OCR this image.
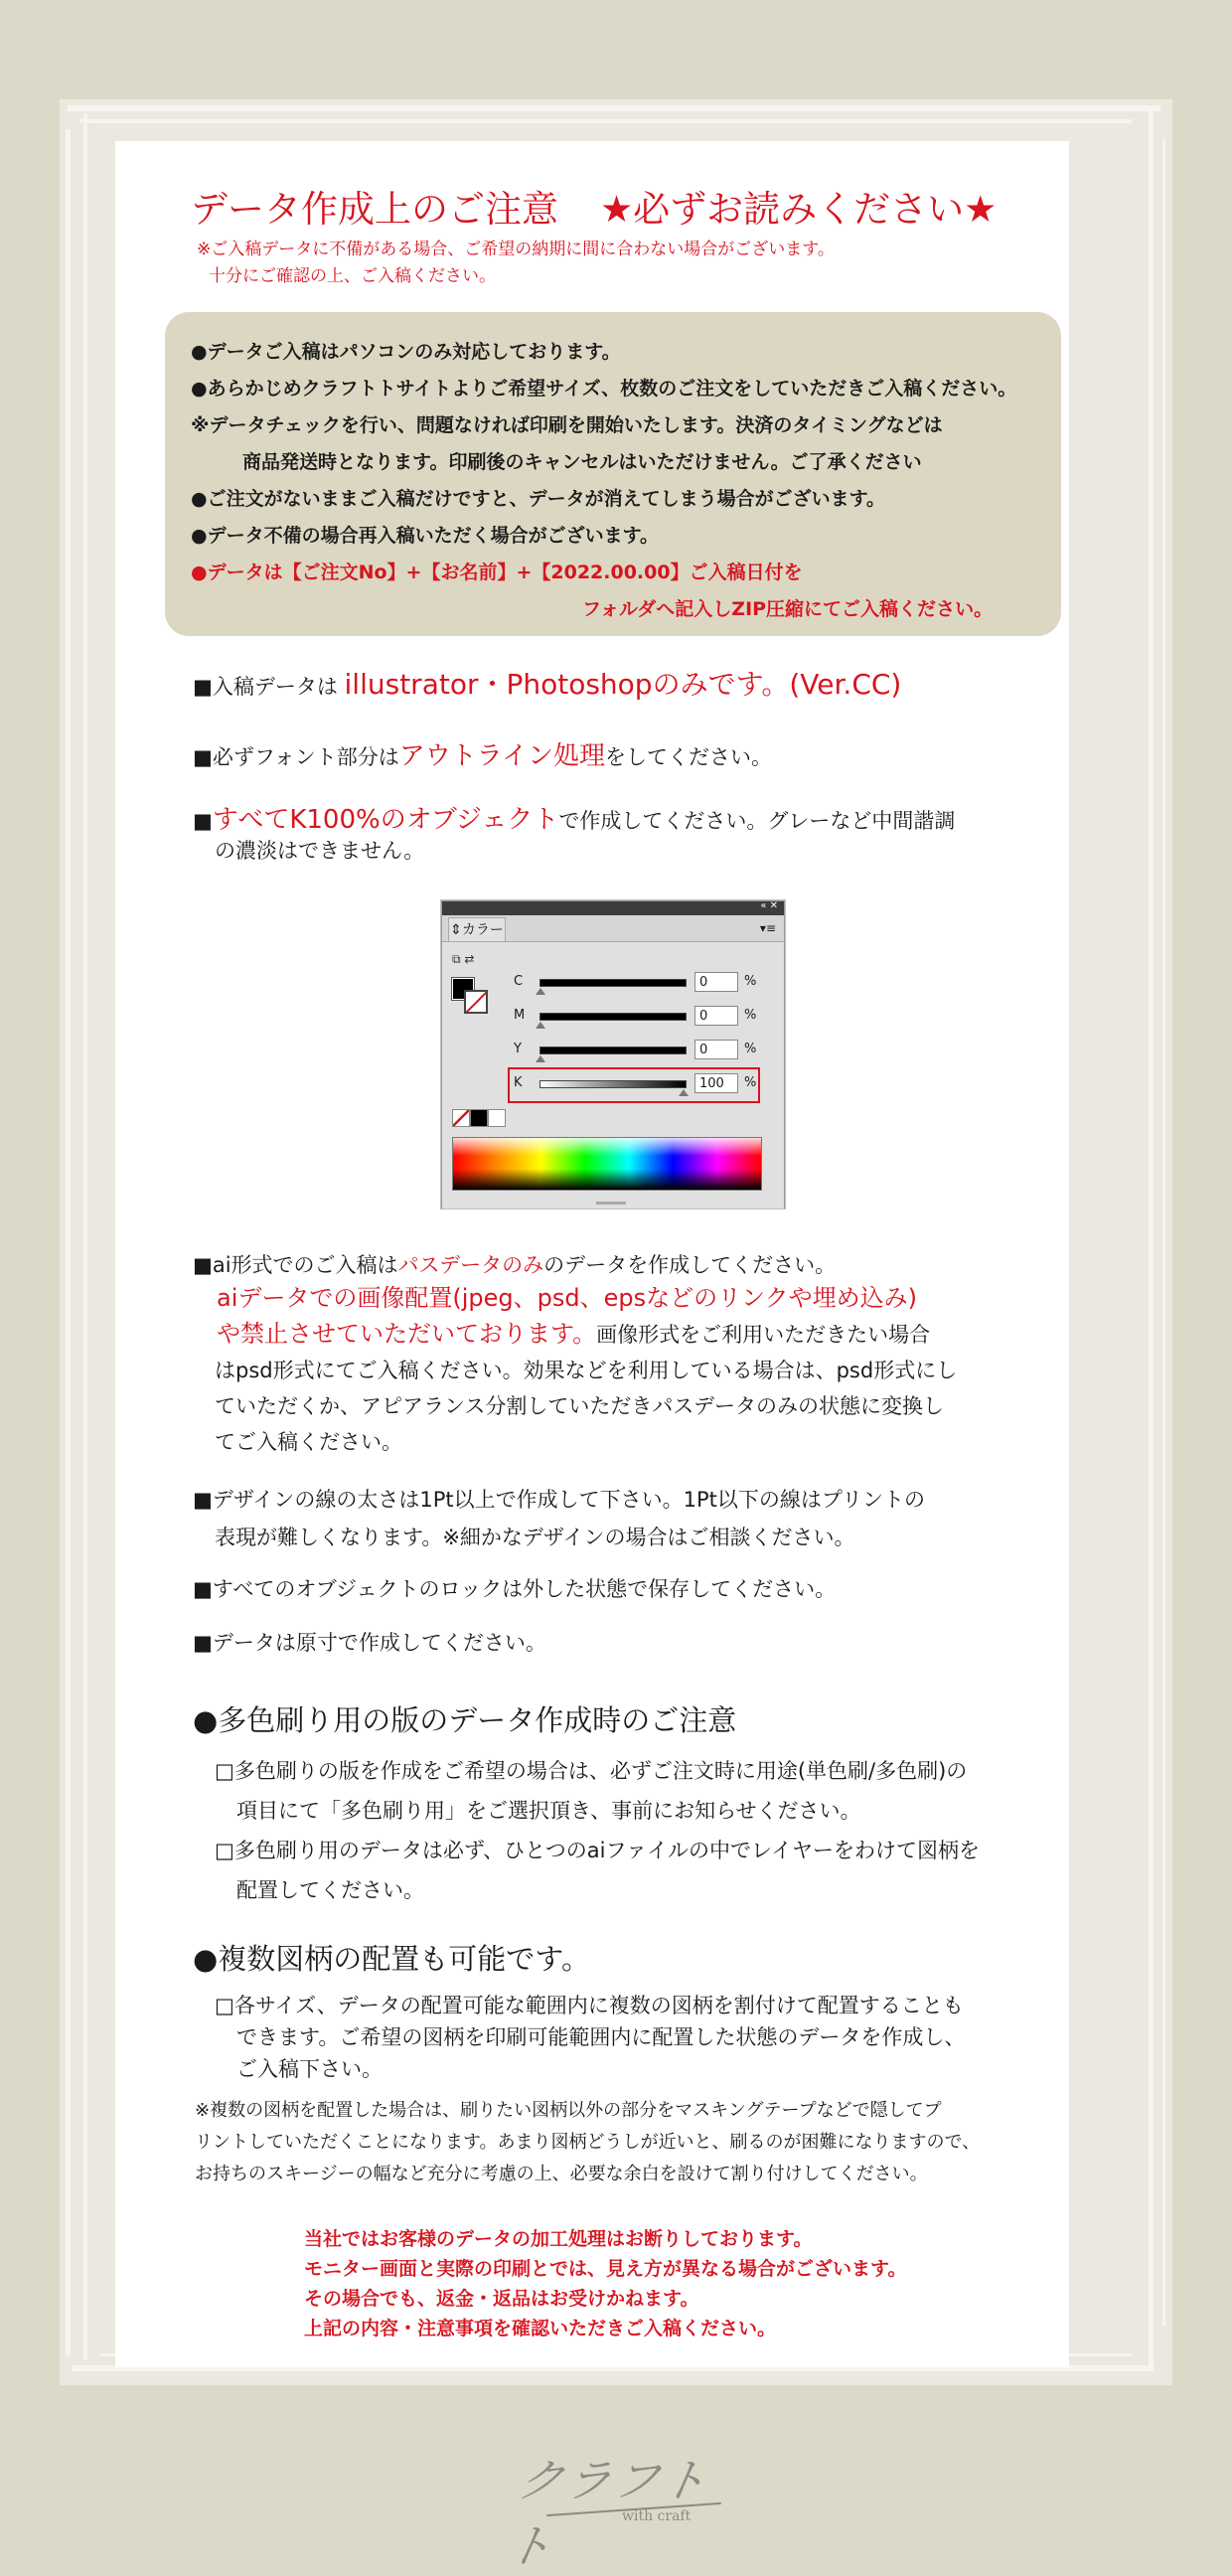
データ作成上のご注意 ★必ずお読みください★
※ご入稿データに不備がある場合、ご希望の納期に間に合わない場合がございます。
十分にご確認の上、ご入稿ください。
●データご入稿はパソコンのみ対応しております。
●あらかじめクラフトトサイトよりご希望サイズ、枚数のご注文をしていただきご入稿ください。
※データチェックを行い、問題なければ印刷を開始いたします。決済のタイミングなどは
商品発送時となります。印刷後のキャンセルはいただけません。ご了承ください
●ご注文がないままご入稿だけですと、データが消えてしまう場合がございます。
●データ不備の場合再入稿いただく場合がございます。
●データは【ご注文No】+【お名前】+【2022.00.00】ご入稿日付を
フォルダへ記入しZIP圧縮にてご入稿ください。
■入稿データは illustrator・Photoshopのみです。(Ver.CC)
■必ずフォント部分はアウトライン処理をしてください。
■すべてK100%のオブジェクトで作成してください。グレーなど中間諧調
の濃淡はできません。
■ai形式でのご入稿はパスデータのみのデータを作成してください。
aiデータでの画像配置(jpeg、psd、epsなどのリンクや埋め込み)
や禁止させていただいております。画像形式をご利用いただきたい場合
はpsd形式にてご入稿ください。効果などを利用している場合は、psd形式にし
ていただくか、アピアランス分割していただきパスデータのみの状態に変換し
てご入稿ください。
■デザインの線の太さは1Pt以上で作成して下さい。1Pt以下の線はプリントの
表現が難しくなります。※細かなデザインの場合はご相談ください。
■すべてのオブジェクトのロックは外した状態で保存してください。
■データは原寸で作成してください。
●多色刷り用の版のデータ作成時のご注意
□多色刷りの版を作成をご希望の場合は、必ずご注文時に用途(単色刷/多色刷)の
項目にて「多色刷り用」をご選択頂き、事前にお知らせください。
□多色刷り用のデータは必ず、ひとつのaiファイルの中でレイヤーをわけて図柄を
配置してください。
●複数図柄の配置も可能です。
□各サイズ、データの配置可能な範囲内に複数の図柄を割付けて配置することも
できます。ご希望の図柄を印刷可能範囲内に配置した状態のデータを作成し、
ご入稿下さい。
※複数の図柄を配置した場合は、刷りたい図柄以外の部分をマスキングテープなどで隠してプ
リントしていただくことになります。あまり図柄どうしが近いと、刷るのが困難になりますので、
お持ちのスキージーの幅など充分に考慮の上、必要な余白を設けて割り付けしてください。
当社ではお客様のデータの加工処理はお断りしております。
モニター画面と実際の印刷とでは、見え方が異なる場合がございます。
その場合でも、返金・返品はお受けかねます。
上記の内容・注意事項を確認いただきご入稿ください。
« ✕
⇕カラー	▾≡
⧉ ⇄
C	0	%
M	0	%
Y	0	%
K	100	%
クラフトト
with craft
